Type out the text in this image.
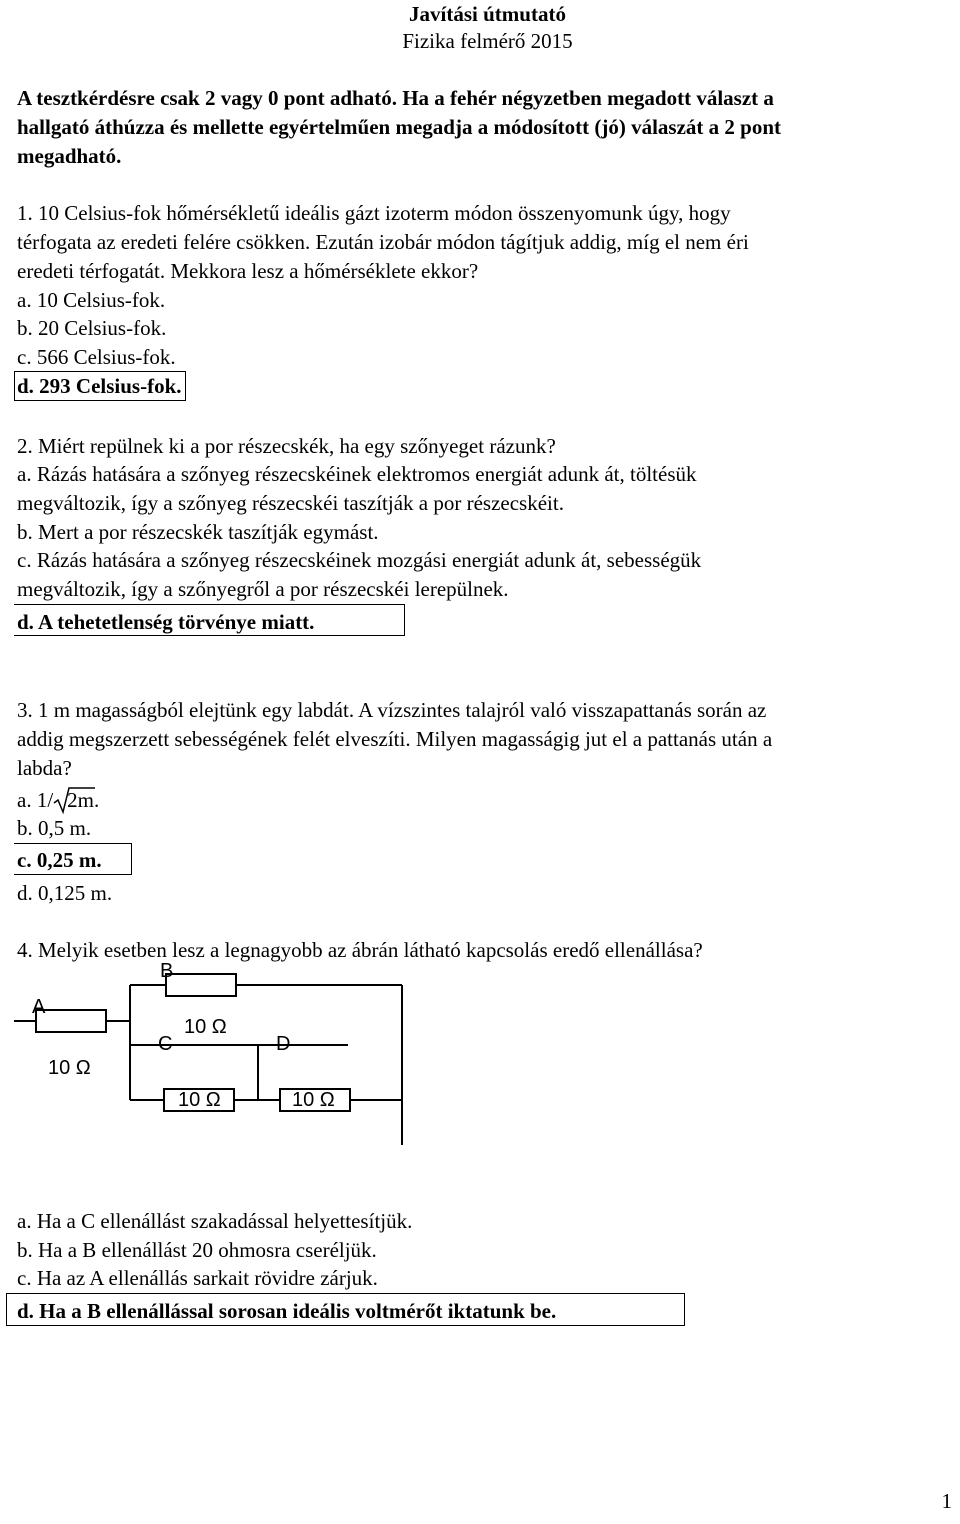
Javítási útmutató
Fizika felmérő 2015
A tesztkérdésre csak 2 vagy 0 pont adható. Ha a fehér négyzetben megadott választ a
hallgató áthúzza és mellette egyértelműen megadja a módosított (jó) válaszát a 2 pont
megadható.
1. 10 Celsius-fok hőmérsékletű ideális gázt izoterm módon összenyomunk úgy, hogy
térfogata az eredeti felére csökken. Ezután izobár módon tágítjuk addig, míg el nem éri
eredeti térfogatát. Mekkora lesz a hőmérséklete ekkor?
a. 10 Celsius-fok.
b. 20 Celsius-fok.
c. 566 Celsius-fok.
d. 293 Celsius-fok.
2. Miért repülnek ki a por részecskék, ha egy szőnyeget rázunk?
a. Rázás hatására a szőnyeg részecskéinek elektromos energiát adunk át, töltésük
megváltozik, így a szőnyeg részecskéi taszítják a por részecskéit.
b. Mert a por részecskék taszítják egymást.
c. Rázás hatására a szőnyeg részecskéinek mozgási energiát adunk át, sebességük
megváltozik, így a szőnyegről a por részecskéi lerepülnek.
d. A tehetetlenség törvénye miatt.
3. 1 m magasságból elejtünk egy labdát. A vízszintes talajról való visszapattanás során az
addig megszerzett sebességének felét elveszíti. Milyen magasságig jut el a pattanás után a
labda?
a. 1/ 2m.
b. 0,5 m.
c. 0,25 m.
d. 0,125 m.
4. Melyik esetben lesz a legnagyobb az ábrán látható kapcsolás eredő ellenállása?
B
A
10 Ω
C	D
10 Ω
10 Ω	10 Ω
a. Ha a C ellenállást szakadással helyettesítjük.
b. Ha a B ellenállást 20 ohmosra cseréljük.
c. Ha az A ellenállás sarkait rövidre zárjuk.
d. Ha a B ellenállással sorosan ideális voltmérőt iktatunk be.
1
